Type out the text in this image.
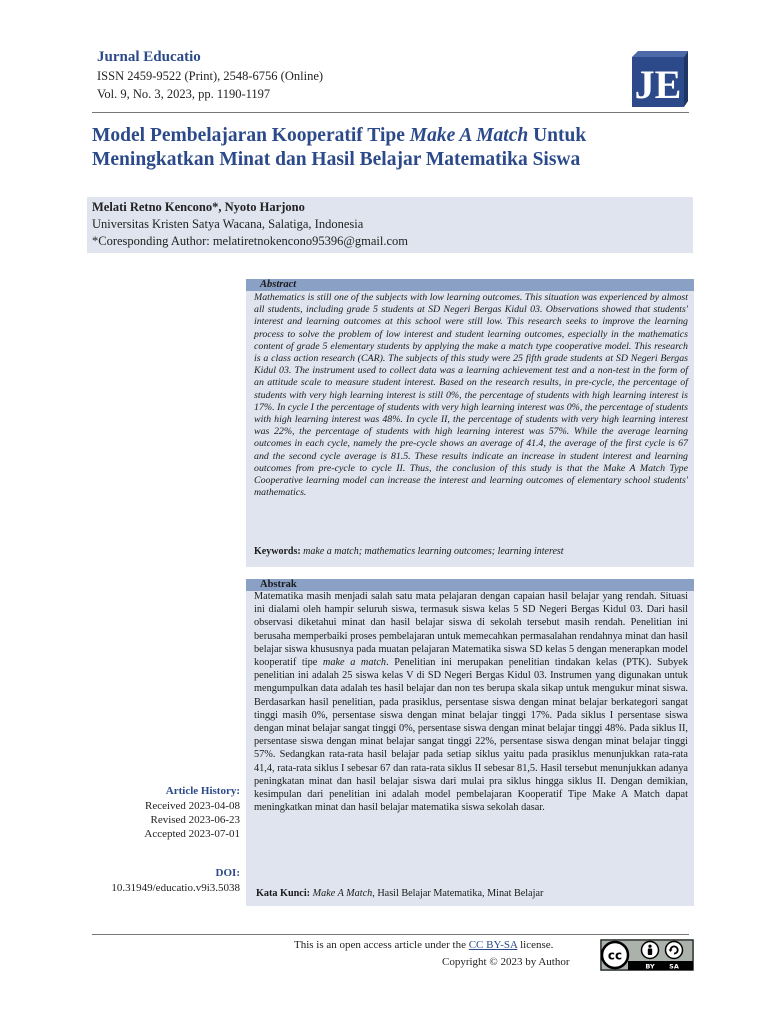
Jurnal Educatio
ISSN 2459-9522 (Print), 2548-6756 (Online)
Vol. 9, No. 3, 2023, pp. 1190-1197	JE
Model Pembelajaran Kooperatif Tipe Make A Match Untuk Meningkatkan Minat dan Hasil Belajar Matematika Siswa
Melati Retno Kencono*, Nyoto Harjono
Universitas Kristen Satya Wacana, Salatiga, Indonesia
*Coresponding Author: melatiretnokencono95396@gmail.com
Abstract
Mathematics is still one of the subjects with low learning outcomes. This situation was experienced by almost all students, including grade 5 students at SD Negeri Bergas Kidul 03. Observations showed that students' interest and learning outcomes at this school were still low. This research seeks to improve the learning process to solve the problem of low interest and student learning outcomes, especially in the mathematics content of grade 5 elementary students by applying the make a match type cooperative model. This research is a class action research (CAR). The subjects of this study were 25 fifth grade students at SD Negeri Bergas Kidul 03. The instrument used to collect data was a learning achievement test and a non-test in the form of an attitude scale to measure student interest. Based on the research results, in pre-cycle, the percentage of students with very high learning interest is still 0%, the percentage of students with high learning interest is 17%. In cycle I the percentage of students with very high learning interest was 0%, the percentage of students with high learning interest was 48%. In cycle II, the percentage of students with very high learning interest was 22%, the percentage of students with high learning interest was 57%. While the average learning outcomes in each cycle, namely the pre-cycle shows an average of 41.4, the average of the first cycle is 67 and the second cycle average is 81.5. These results indicate an increase in student interest and learning outcomes from pre-cycle to cycle II. Thus, the conclusion of this study is that the Make A Match Type Cooperative learning model can increase the interest and learning outcomes of elementary school students' mathematics.
Keywords: make a match; mathematics learning outcomes; learning interest
Abstrak
Matematika masih menjadi salah satu mata pelajaran dengan capaian hasil belajar yang rendah. Situasi ini dialami oleh hampir seluruh siswa, termasuk siswa kelas 5 SD Negeri Bergas Kidul 03. Dari hasil observasi diketahui minat dan hasil belajar siswa di sekolah tersebut masih rendah. Penelitian ini berusaha memperbaiki proses pembelajaran untuk memecahkan permasalahan rendahnya minat dan hasil belajar siswa khususnya pada muatan pelajaran Matematika siswa SD kelas 5 dengan menerapkan model kooperatif tipe make a match. Penelitian ini merupakan penelitian tindakan kelas (PTK). Subyek penelitian ini adalah 25 siswa kelas V di SD Negeri Bergas Kidul 03. Instrumen yang digunakan untuk mengumpulkan data adalah tes hasil belajar dan non tes berupa skala sikap untuk mengukur minat siswa. Berdasarkan hasil penelitian, pada prasiklus, persentase siswa dengan minat belajar berkategori sangat tinggi masih 0%, persentase siswa dengan minat belajar tinggi 17%. Pada siklus I persentase siswa dengan minat belajar sangat tinggi 0%, persentase siswa dengan minat belajar tinggi 48%. Pada siklus II, persentase siswa dengan minat belajar sangat tinggi 22%, persentase siswa dengan minat belajar tinggi 57%. Sedangkan rata-rata hasil belajar pada setiap siklus yaitu pada prasiklus menunjukkan rata-rata 41,4, rata-rata siklus I sebesar 67 dan rata-rata siklus II sebesar 81,5. Hasil tersebut menunjukkan adanya peningkatan minat dan hasil belajar siswa dari mulai pra siklus hingga siklus II. Dengan demikian, kesimpulan dari penelitian ini adalah model pembelajaran Kooperatif Tipe Make A Match dapat meningkatkan minat dan hasil belajar matematika siswa sekolah dasar.
Kata Kunci: Make A Match, Hasil Belajar Matematika, Minat Belajar
Article History:
Received 2023-04-08
Revised 2023-06-23
Accepted 2023-07-01
DOI:
10.31949/educatio.v9i3.5038
This is an open access article under the CC BY-SA license.
Copyright © 2023 by Author	cc
BY SA
